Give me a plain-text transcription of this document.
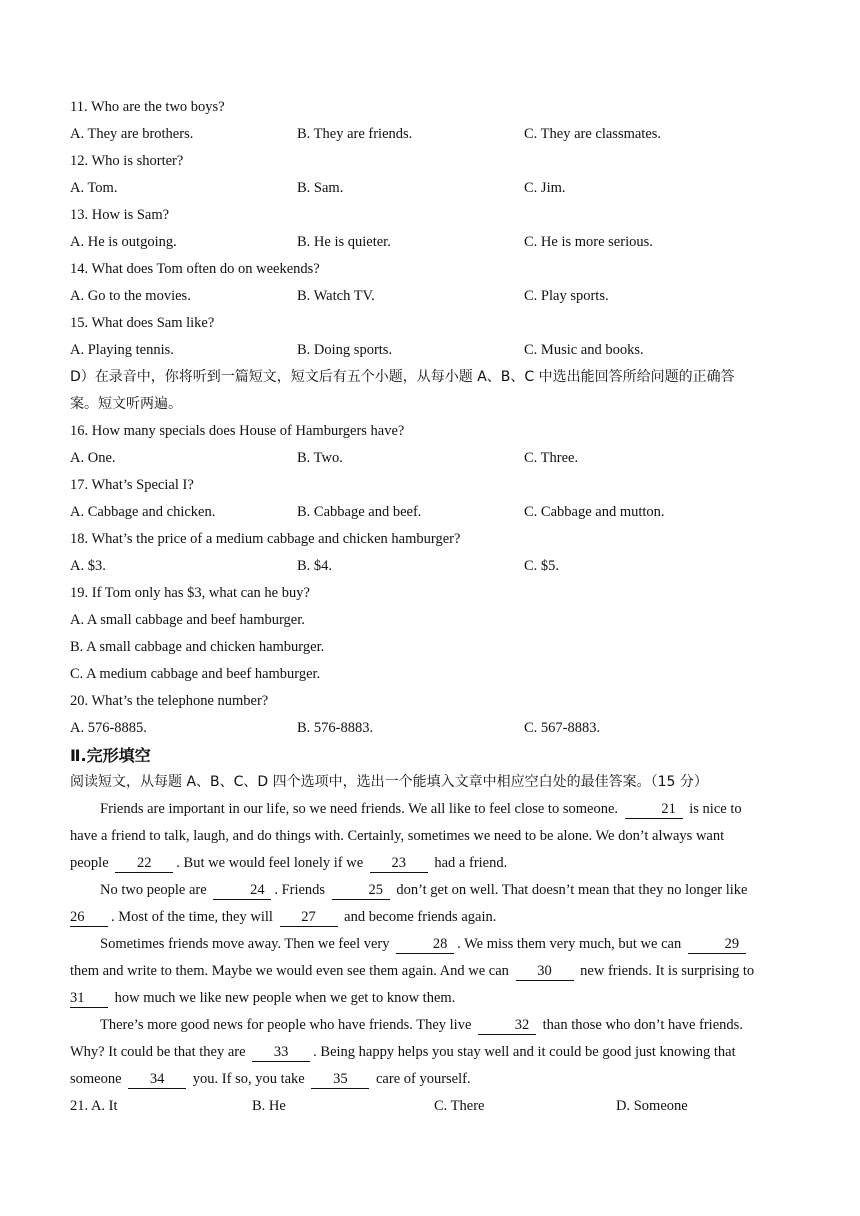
11. Who are the two boys?
A. They are brothers.	B. They are friends.	C. They are classmates.
12. Who is shorter?
A. Tom.	B. Sam.	C. Jim.
13. How is Sam?
A. He is outgoing.	B. He is quieter.	C. He is more serious.
14. What does Tom often do on weekends?
A. Go to the movies.	B. Watch TV.	C. Play sports.
15. What does Sam like?
A. Playing tennis.	B. Doing sports.	C. Music and books.
D）在录音中，你将听到一篇短文，短文后有五个小题，从每小题 A、B、C 中选出能回答所给问题的正确答
案。短文听两遍。
16. How many specials does House of Hamburgers have?
A. One.	B. Two.	C. Three.
17. What’s Special I?
A. Cabbage and chicken.	B. Cabbage and beef.	C. Cabbage and mutton.
18. What’s the price of a medium cabbage and chicken hamburger?
A. $3.	B. $4.	C. $5.
19. If Tom only has $3, what can he buy?
A. A small cabbage and beef hamburger.
B. A small cabbage and chicken hamburger.
C. A medium cabbage and beef hamburger.
20. What’s the telephone number?
A. 576-8885.	B. 576-8883.	C. 567-8883.
Ⅱ.完形填空
阅读短文，从每题 A、B、C、D 四个选项中，选出一个能填入文章中相应空白处的最佳答案。（15 分）
Friends are important in our life, so we need friends. We all like to feel close to someone.	21 is nice to
have a friend to talk, laugh, and do things with. Certainly, sometimes we need to be alone. We don’t always want
people 22 . But we would feel lonely if we 23 had a friend.
No two people are	24 . Friends	25 don’t get on well. That doesn’t mean that they no longer like
26 . Most of the time, they will 27 and become friends again.
Sometimes friends move away. Then we feel very	28 . We miss them very much, but we can	29
them and write to them. Maybe we would even see them again. And we can 30 new friends. It is surprising to
31 how much we like new people when we get to know them.
There’s more good news for people who have friends. They live	32 than those who don’t have friends.
Why? It could be that they are 33 . Being happy helps you stay well and it could be good just knowing that
someone 34 you. If so, you take 35 care of yourself.
21. A. It	B. He	C. There	D. Someone
